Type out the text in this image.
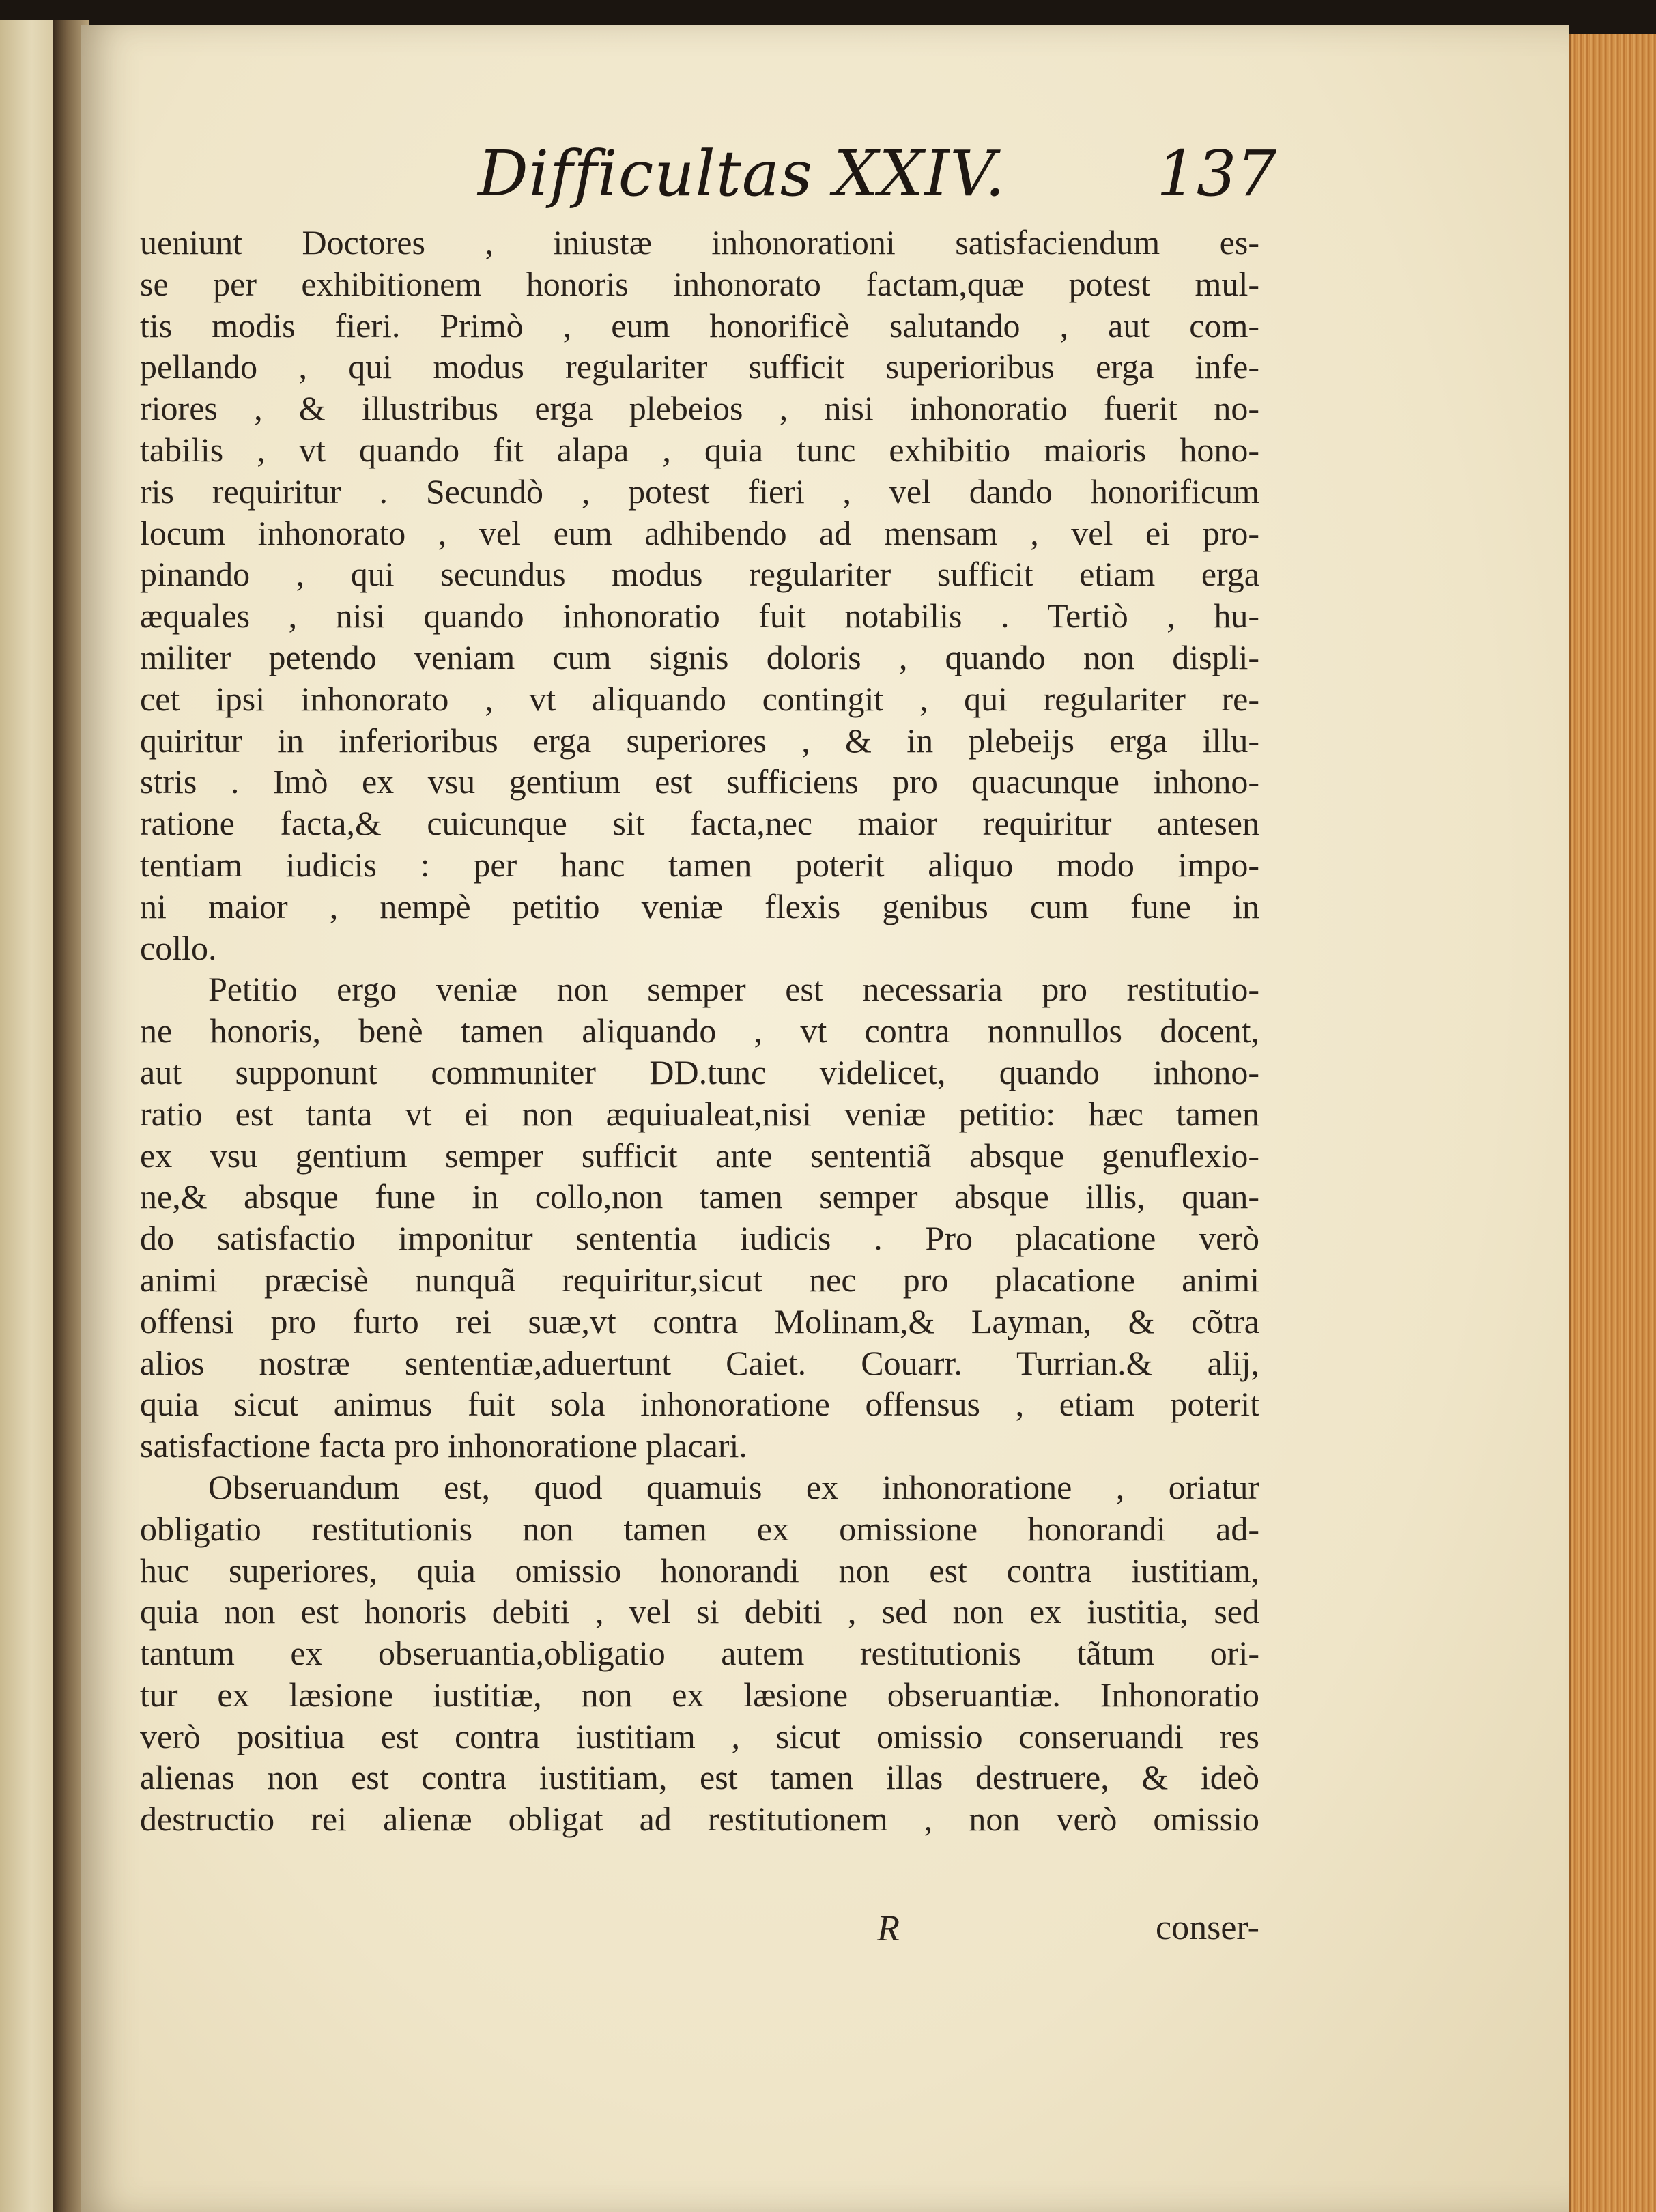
Difficultas XXIV. 137
ueniunt Doctores , iniustæ inhonorationi satisfaciendum es-
se per exhibitionem honoris inhonorato factam,quæ potest mul-
tis modis fieri. Primò , eum honorificè salutando , aut com-
pellando , qui modus regulariter sufficit superioribus erga infe-
riores , & illustribus erga plebeios , nisi inhonoratio fuerit no-
tabilis , vt quando fit alapa , quia tunc exhibitio maioris hono-
ris requiritur . Secundò , potest fieri , vel dando honorificum
locum inhonorato , vel eum adhibendo ad mensam , vel ei pro-
pinando , qui secundus modus regulariter sufficit etiam erga
æquales , nisi quando inhonoratio fuit notabilis . Tertiò , hu-
militer petendo veniam cum signis doloris , quando non displi-
cet ipsi inhonorato , vt aliquando contingit , qui regulariter re-
quiritur in inferioribus erga superiores , & in plebeijs erga illu-
stris . Imò ex vsu gentium est sufficiens pro quacunque inhono-
ratione facta,& cuicunque sit facta,nec maior requiritur antesen
tentiam iudicis : per hanc tamen poterit aliquo modo impo-
ni maior , nempè petitio veniæ flexis genibus cum fune in
collo.
Petitio ergo veniæ non semper est necessaria pro restitutio-
ne honoris, benè tamen aliquando , vt contra nonnullos docent,
aut supponunt communiter DD.tunc videlicet, quando inhono-
ratio est tanta vt ei non æquiualeat,nisi veniæ petitio: hæc tamen
ex vsu gentium semper sufficit ante sententiã absque genuflexio-
ne,& absque fune in collo,non tamen semper absque illis, quan-
do satisfactio imponitur sententia iudicis . Pro placatione verò
animi præcisè nunquã requiritur,sicut nec pro placatione animi
offensi pro furto rei suæ,vt contra Molinam,& Layman, & cõtra
alios nostræ sententiæ,aduertunt Caiet. Couarr. Turrian.& alij,
quia sicut animus fuit sola inhonoratione offensus , etiam poterit
satisfactione facta pro inhonoratione placari.
Obseruandum est, quod quamuis ex inhonoratione , oriatur
obligatio restitutionis non tamen ex omissione honorandi ad-
huc superiores, quia omissio honorandi non est contra iustitiam,
quia non est honoris debiti , vel si debiti , sed non ex iustitia, sed
tantum ex obseruantia,obligatio autem restitutionis tãtum ori-
tur ex læsione iustitiæ, non ex læsione obseruantiæ. Inhonoratio
verò positiua est contra iustitiam , sicut omissio conseruandi res
alienas non est contra iustitiam, est tamen illas destruere, & ideò
destructio rei alienæ obligat ad restitutionem , non verò omissio
R	conser-
